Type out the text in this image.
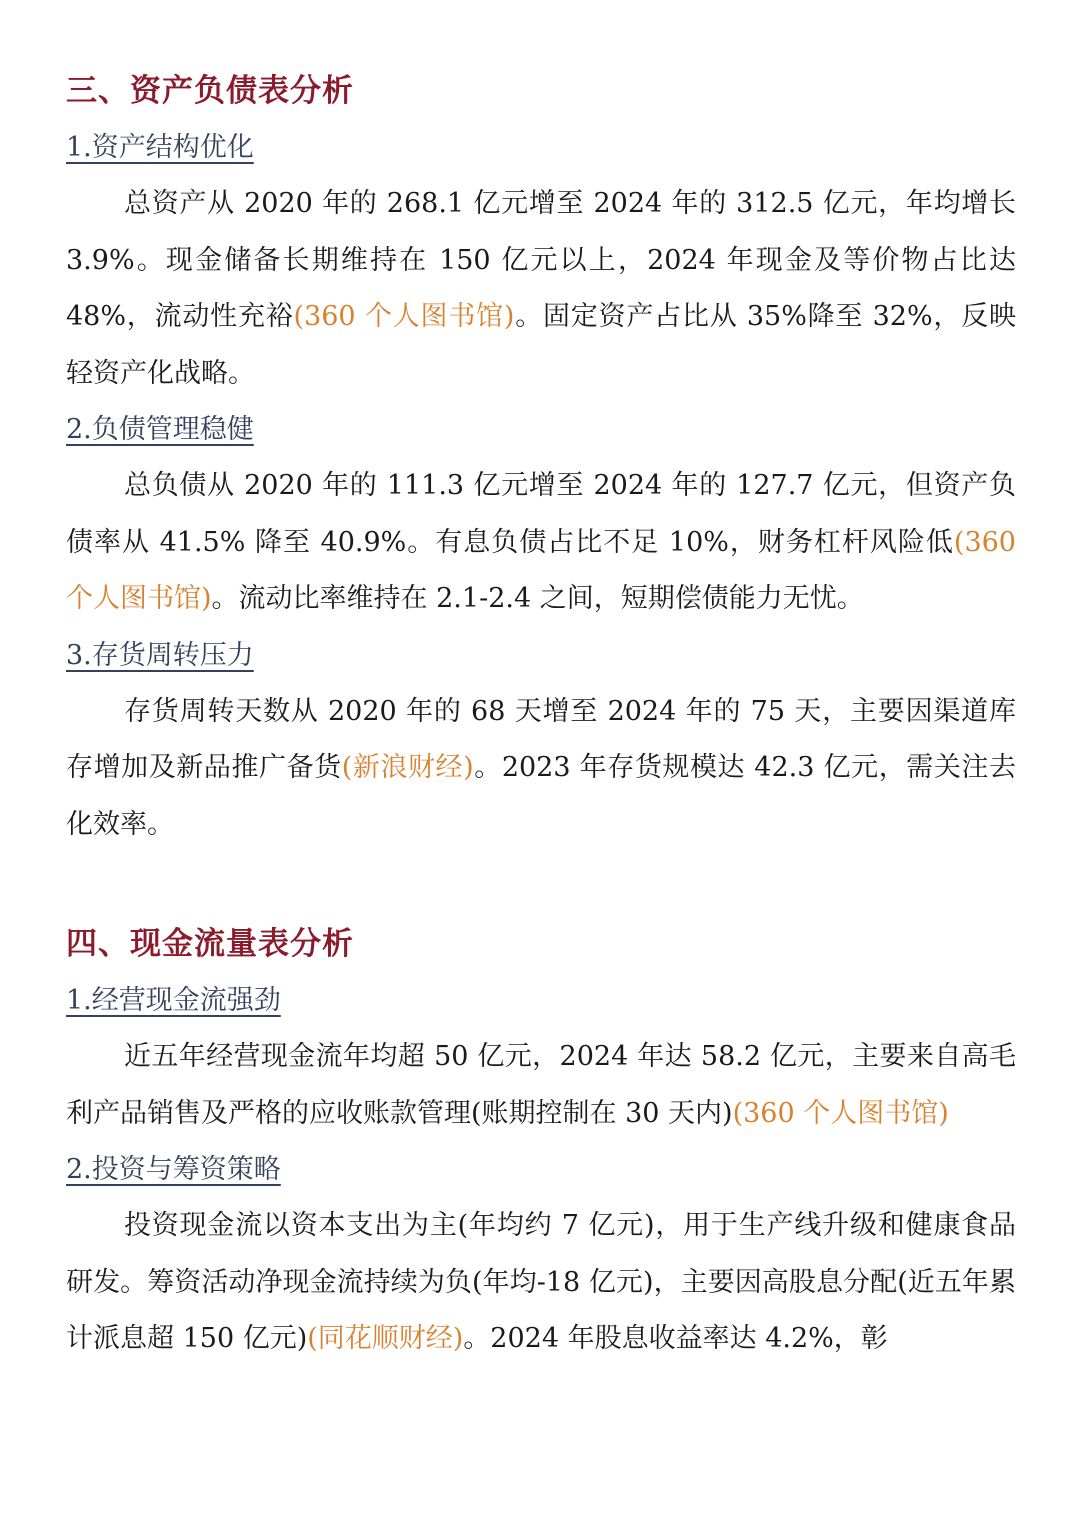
三、资产负债表分析
1.资产结构优化

总资产从 2020 年的 268.1 亿元增至 2024 年的 312.5 亿元，年均增长 3.9%。现金储备长期维持在 150 亿元以上，2024 年现金及等价物占比达 48%，流动性充裕(360 个人图书馆)。固定资产占比从 35%降至 32%，反映轻资产化战略。

2.负债管理稳健

总负债从 2020 年的 111.3 亿元增至 2024 年的 127.7 亿元，但资产负债率从 41.5% 降至 40.9%。有息负债占比不足 10%，财务杠杆风险低(360 个人图书馆)。流动比率维持在 2.1-2.4 之间，短期偿债能力无忧。

3.存货周转压力

存货周转天数从 2020 年的 68 天增至 2024 年的 75 天，主要因渠道库存增加及新品推广备货(新浪财经)。2023 年存货规模达 42.3 亿元，需关注去化效率。

四、现金流量表分析
1.经营现金流强劲

近五年经营现金流年均超 50 亿元，2024 年达 58.2 亿元，主要来自高毛利产品销售及严格的应收账款管理(账期控制在 30 天内)(360 个人图书馆)

2.投资与筹资策略

投资现金流以资本支出为主(年均约 7 亿元)，用于生产线升级和健康食品研发。筹资活动净现金流持续为负(年均-18 亿元)，主要因高股息分配(近五年累计派息超 150 亿元)(同花顺财经)。2024 年股息收益率达 4.2%，彰
